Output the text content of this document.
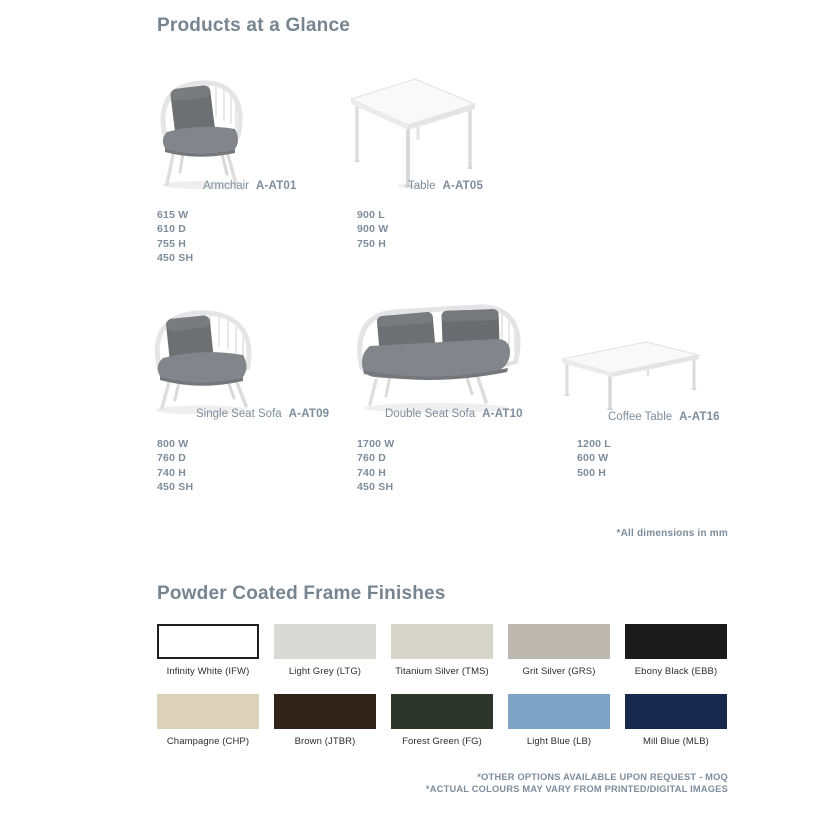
Products at a Glance
Armchair A-AT01
615 W
610 D
755 H
450 SH
Table A-AT05
900 L
900 W
750 H
Single Seat Sofa A-AT09
800 W
760 D
740 H
450 SH
Double Seat Sofa A-AT10
1700 W
760 D
740 H
450 SH
Coffee Table A-AT16
1200 L
600 W
500 H
*All dimensions in mm
Powder Coated Frame Finishes
Infinity White (IFW)	Light Grey (LTG)	Titanium Silver (TMS)	Grit Silver (GRS)	Ebony Black (EBB)
Champagne (CHP)	Brown (JTBR)	Forest Green (FG)	Light Blue (LB)	Mill Blue (MLB)
*OTHER OPTIONS AVAILABLE UPON REQUEST - MOQ
*ACTUAL COLOURS MAY VARY FROM PRINTED/DIGITAL IMAGES
